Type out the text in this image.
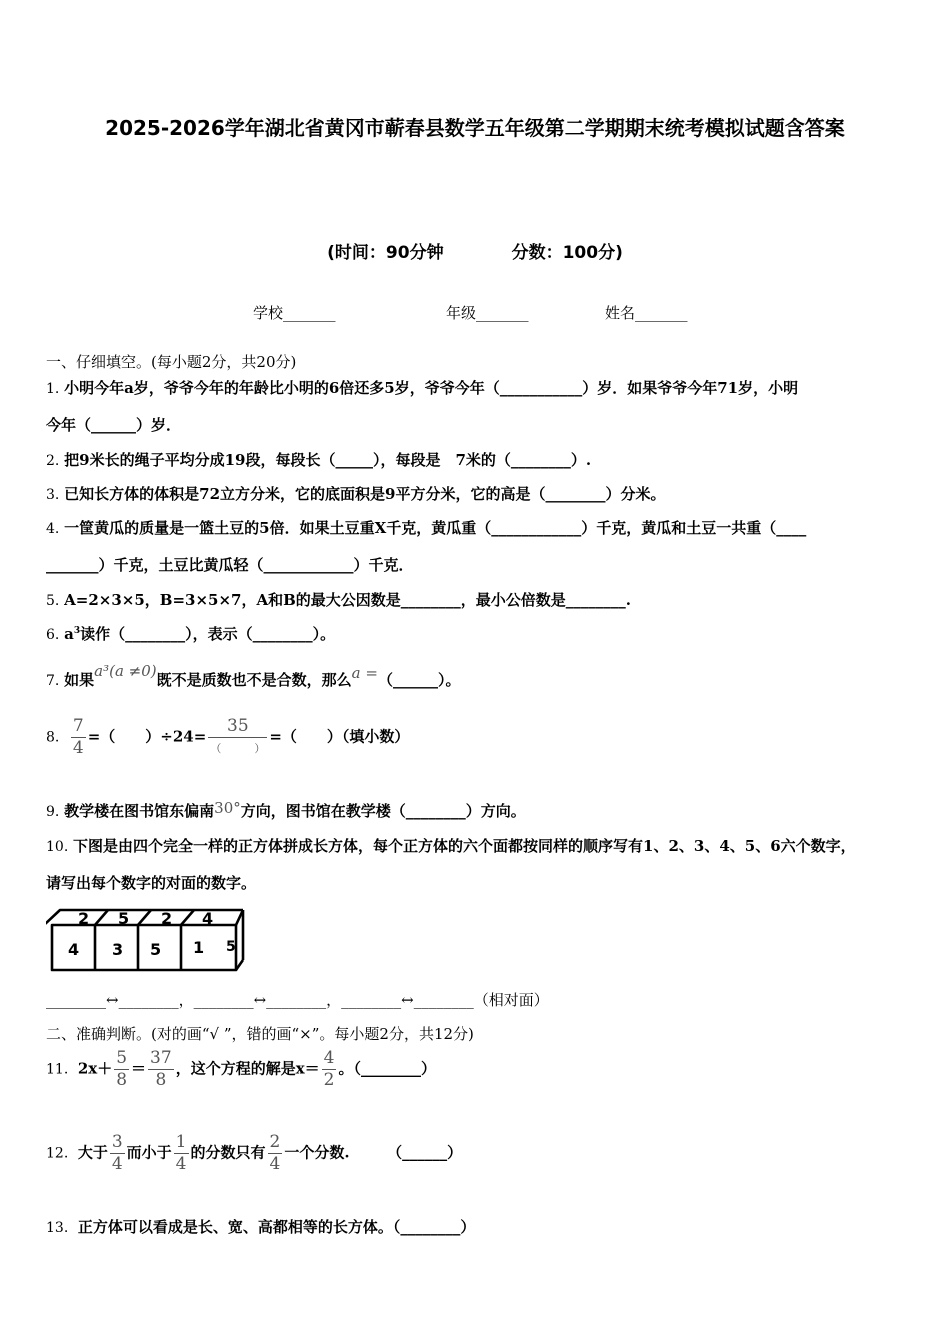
2025-2026学年湖北省黄冈市蕲春县数学五年级第二学期期末统考模拟试题含答案
(时间：90分钟	分数：100分)
学校_______	年级_______	姓名_______
一、仔细填空。(每小题2分，共20分)
1. 小明今年a岁，爷爷今年的年龄比小明的6倍还多5岁，爷爷今年（___________）岁．如果爷爷今年71岁，小明
今年（______）岁．
2. 把9米长的绳子平均分成19段，每段长（_____），每段是　7米的（________）.
3. 已知长方体的体积是72立方分米，它的底面积是9平方分米，它的高是（________）分米。
4. 一筐黄瓜的质量是一篮土豆的5倍．如果土豆重X千克，黄瓜重（____________）千克，黄瓜和土豆一共重（____
_______）千克，土豆比黄瓜轻（____________）千克．
5. A=2×3×5，B=3×5×7，A和B的最大公因数是________，最小公倍数是________.
6. $a^3$读作（________），表示（________）。
7. 如果a³(a ≠0)既不是质数也不是合数，那么a =（______）。
8. $\frac{7}{4}$ =（　　）$\div 24= \frac{35}{( )}$ =（　　）（填小数）
9. 教学楼在图书馆东偏南30°方向，图书馆在教学楼（________）方向。
10. 下图是由四个完全一样的正方体拼成长方体，每个正方体的六个面都按同样的顺序写有1、2、3、4、5、6六个数字，
请写出每个数字的对面的数字。
2 5 2 4
4 3 5 1 5
________↔________，________↔________，________↔________（相对面）
二、准确判断。(对的画“√ ”，错的画“×”。每小题2分，共12分)
11. $2x+ \frac{5}{8} = \frac{37}{8}$ ，这个方程的解是$x= \frac{4}{2}$ 。（________）
12. 大于 $\frac{3}{4}$ 而小于 $\frac{1}{4}$ 的分数只有 $\frac{2}{4}$ 一个分数.　　　（______）
13. 正方体可以看成是长、宽、高都相等的长方体。（________）
